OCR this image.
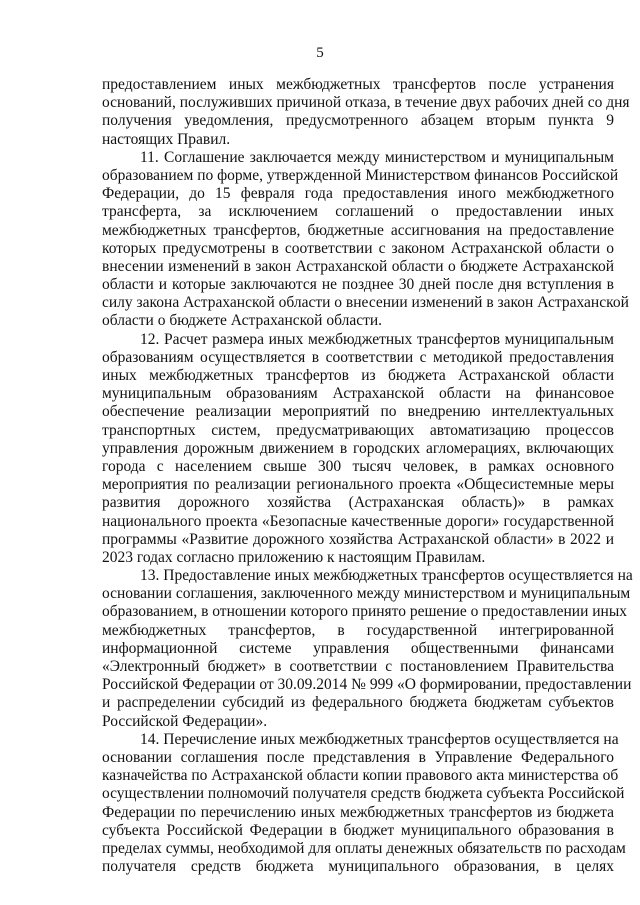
5
предоставлением иных межбюджетных трансфертов после устранения
оснований, послуживших причиной отказа, в течение двух рабочих дней со дня
получения уведомления, предусмотренного абзацем вторым пункта 9
настоящих Правил.
11. Соглашение заключается между министерством и муниципальным
образованием по форме, утвержденной Министерством финансов Российской
Федерации, до 15 февраля года предоставления иного межбюджетного
трансферта, за исключением соглашений о предоставлении иных
межбюджетных трансфертов, бюджетные ассигнования на предоставление
которых предусмотрены в соответствии с законом Астраханской области о
внесении изменений в закон Астраханской области о бюджете Астраханской
области и которые заключаются не позднее 30 дней после дня вступления в
силу закона Астраханской области о внесении изменений в закон Астраханской
области о бюджете Астраханской области.
12. Расчет размера иных межбюджетных трансфертов муниципальным
образованиям осуществляется в соответствии с методикой предоставления
иных межбюджетных трансфертов из бюджета Астраханской области
муниципальным образованиям Астраханской области на финансовое
обеспечение реализации мероприятий по внедрению интеллектуальных
транспортных систем, предусматривающих автоматизацию процессов
управления дорожным движением в городских агломерациях, включающих
города с населением свыше 300 тысяч человек, в рамках основного
мероприятия по реализации регионального проекта «Общесистемные меры
развития дорожного хозяйства (Астраханская область)» в рамках
национального проекта «Безопасные качественные дороги» государственной
программы «Развитие дорожного хозяйства Астраханской области» в 2022 и
2023 годах согласно приложению к настоящим Правилам.
13. Предоставление иных межбюджетных трансфертов осуществляется на
основании соглашения, заключенного между министерством и муниципальным
образованием, в отношении которого принято решение о предоставлении иных
межбюджетных трансфертов, в государственной интегрированной
информационной системе управления общественными финансами
«Электронный бюджет» в соответствии с постановлением Правительства
Российской Федерации от 30.09.2014 № 999 «О формировании, предоставлении
и распределении субсидий из федерального бюджета бюджетам субъектов
Российской Федерации».
14. Перечисление иных межбюджетных трансфертов осуществляется на
основании соглашения после представления в Управление Федерального
казначейства по Астраханской области копии правового акта министерства об
осуществлении полномочий получателя средств бюджета субъекта Российской
Федерации по перечислению иных межбюджетных трансфертов из бюджета
субъекта Российской Федерации в бюджет муниципального образования в
пределах суммы, необходимой для оплаты денежных обязательств по расходам
получателя средств бюджета муниципального образования, в целях
